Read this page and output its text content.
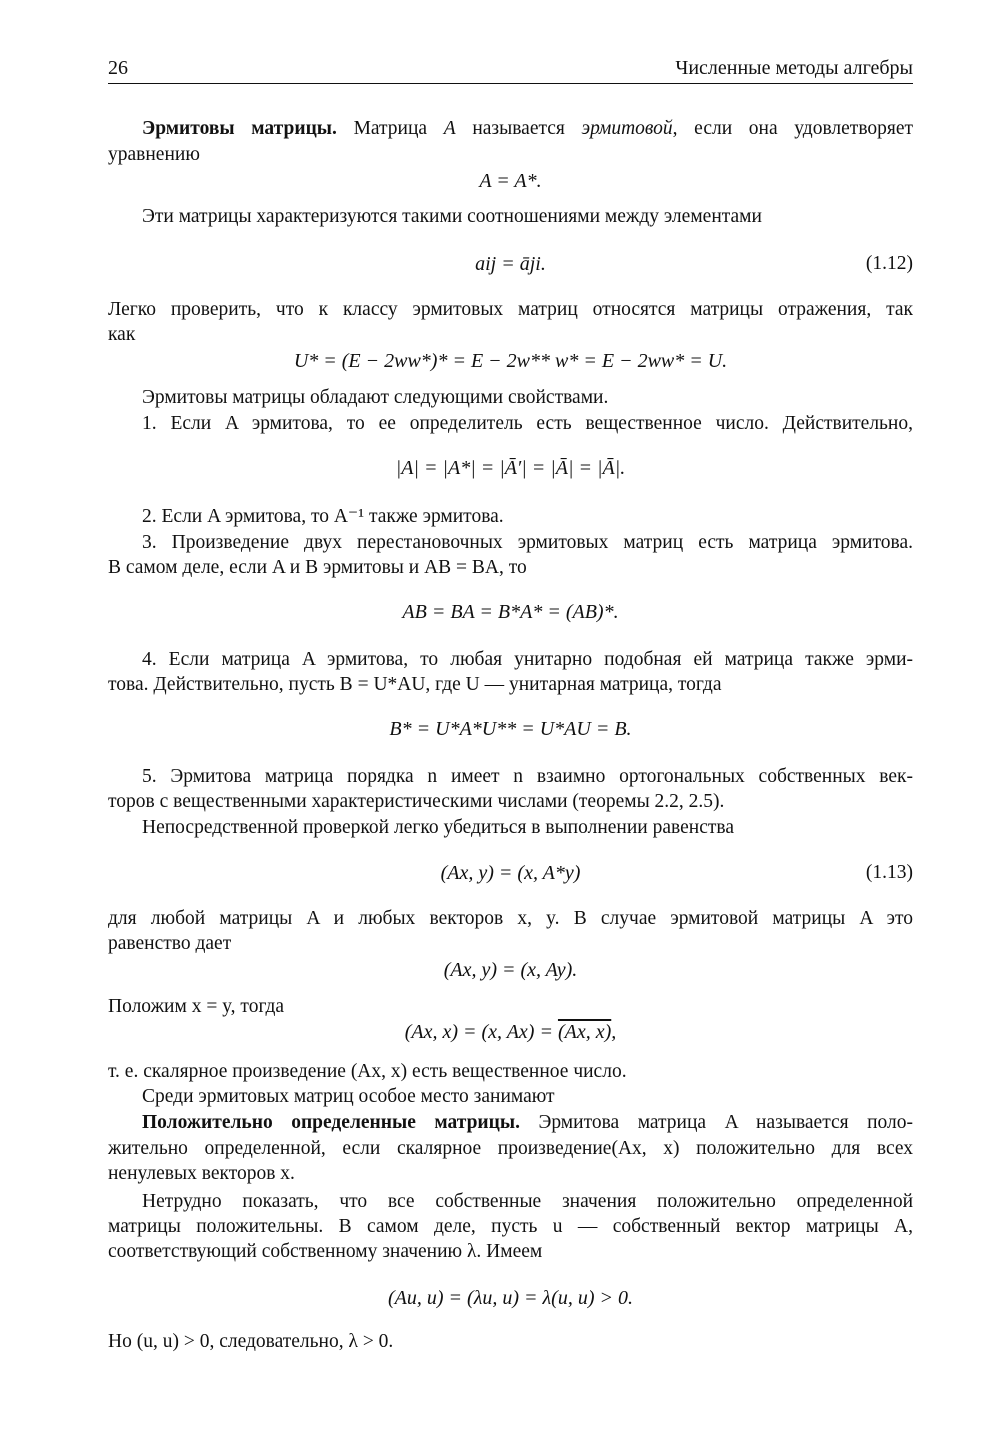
26	Численные методы алгебры
Эрмитовы матрицы. Матрица A называется эрмитовой, если она удовлетворяет
уравнению
A = A*.
Эти матрицы характеризуются такими соотношениями между элементами
aij = āji.	(1.12)
Легко проверить, что к классу эрмитовых матриц относятся матрицы отражения, так
как
U* = (E − 2ww*)* = E − 2w** w* = E − 2ww* = U.
Эрмитовы матрицы обладают следующими свойствами.
1. Если A эрмитова, то ее определитель есть вещественное число. Действительно,
|A| = |A*| = |Ā′| = |Ā| = |Ā|.
2. Если A эрмитова, то A⁻¹ также эрмитова.
3. Произведение двух перестановочных эрмитовых матриц есть матрица эрмитова.
В самом деле, если A и B эрмитовы и AB = BA, то
AB = BA = B*A* = (AB)*.
4. Если матрица A эрмитова, то любая унитарно подобная ей матрица также эрми-
това. Действительно, пусть B = U*AU, где U — унитарная матрица, тогда
B* = U*A*U** = U*AU = B.
5. Эрмитова матрица порядка n имеет n взаимно ортогональных собственных век-
торов с вещественными характеристическими числами (теоремы 2.2, 2.5).
Непосредственной проверкой легко убедиться в выполнении равенства
(Ax, y) = (x, A*y)	(1.13)
для любой матрицы A и любых векторов x, y. В случае эрмитовой матрицы A это
равенство дает
(Ax, y) = (x, Ay).
Положим x = y, тогда
(Ax, x) = (x, Ax) = (Ax, x),
т. е. скалярное произведение (Ax, x) есть вещественное число.
Среди эрмитовых матриц особое место занимают
Положительно определенные матрицы. Эрмитова матрица A называется поло-
жительно определенной, если скалярное произведение(Ax, x) положительно для всех
ненулевых векторов x.
Нетрудно показать, что все собственные значения положительно определенной
матрицы положительны. В самом деле, пусть u — собственный вектор матрицы A,
соответствующий собственному значению λ. Имеем
(Au, u) = (λu, u) = λ(u, u) > 0.
Но (u, u) > 0, следовательно, λ > 0.
